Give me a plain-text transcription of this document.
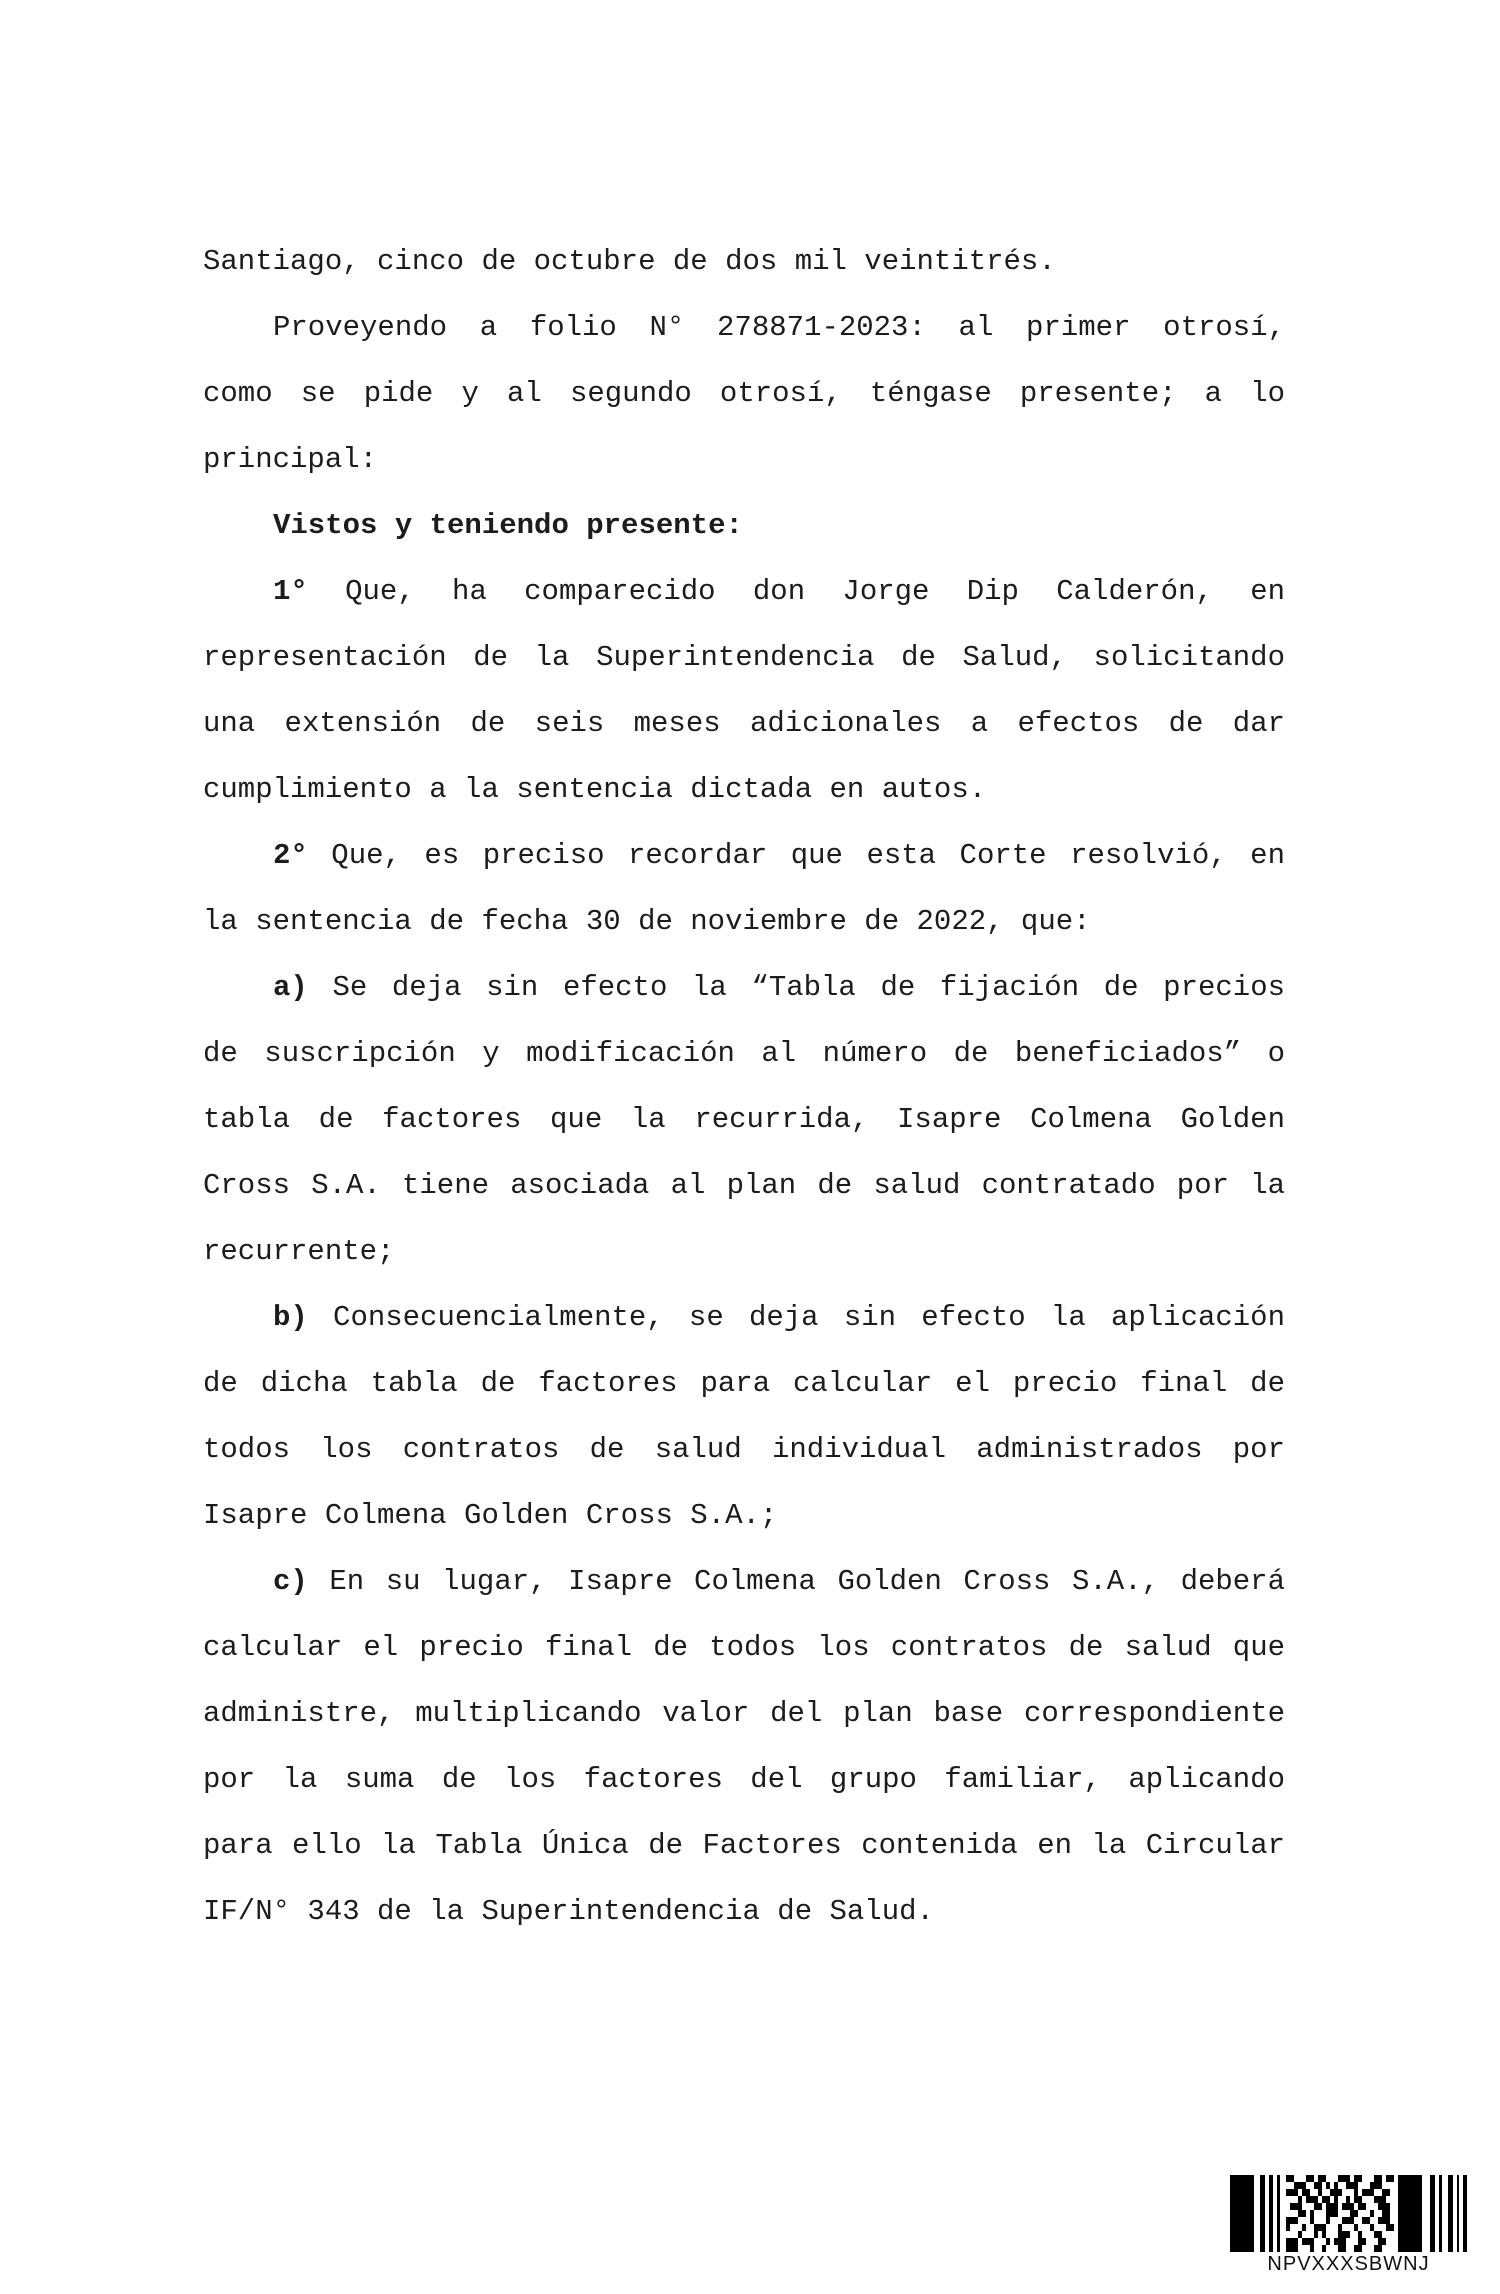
Santiago, cinco de octubre de dos mil veintitrés.
Proveyendo a folio N° 278871-2023: al primer otrosí,
como se pide y al segundo otrosí, téngase presente; a lo
principal:
Vistos y teniendo presente:
1° Que, ha comparecido don Jorge Dip Calderón, en
representación de la Superintendencia de Salud, solicitando
una extensión de seis meses adicionales a efectos de dar
cumplimiento a la sentencia dictada en autos.
2° Que, es preciso recordar que esta Corte resolvió, en
la sentencia de fecha 30 de noviembre de 2022, que:
a) Se deja sin efecto la “Tabla de fijación de precios
de suscripción y modificación al número de beneficiados” o
tabla de factores que la recurrida, Isapre Colmena Golden
Cross S.A. tiene asociada al plan de salud contratado por la
recurrente;
b) Consecuencialmente, se deja sin efecto la aplicación
de dicha tabla de factores para calcular el precio final de
todos los contratos de salud individual administrados por
Isapre Colmena Golden Cross S.A.;
c) En su lugar, Isapre Colmena Golden Cross S.A., deberá
calcular el precio final de todos los contratos de salud que
administre, multiplicando valor del plan base correspondiente
por la suma de los factores del grupo familiar, aplicando
para ello la Tabla Única de Factores contenida en la Circular
IF/N° 343 de la Superintendencia de Salud.
NPVXXXSBWNJ
